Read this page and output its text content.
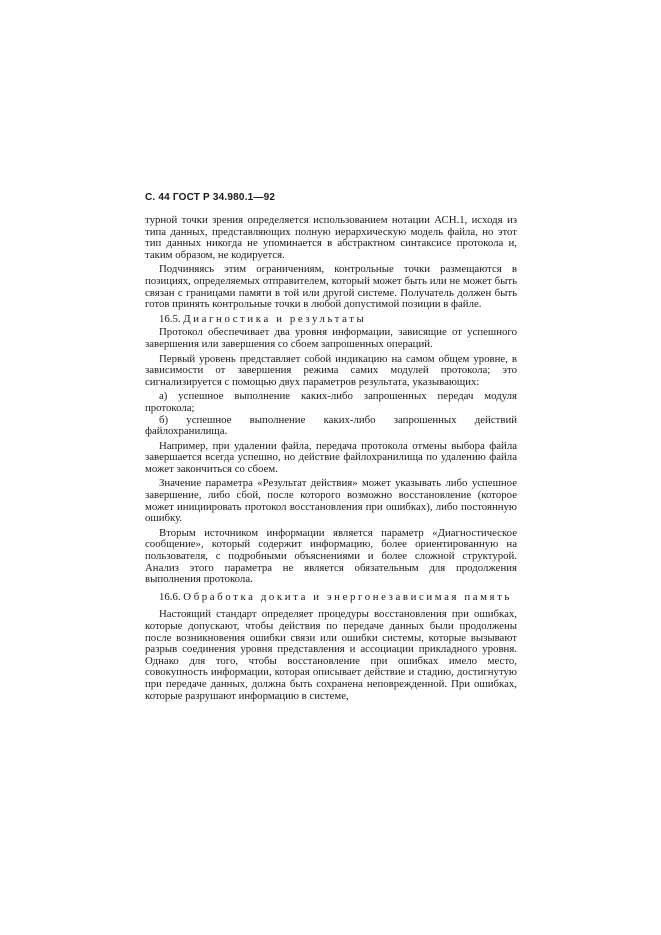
С. 44 ГОСТ Р 34.980.1—92

турной точки зрения определяется использованием нотации АСН.1, исходя из типа данных, представляющих полную иерархическую модель файла, но этот тип данных никогда не упоминается в абстрактном синтаксисе протокола и, таким образом, не кодируется.

Подчиняясь этим ограничениям, контрольные точки размещаются в позициях, определяемых отправителем, который может быть или не может быть связан с границами памяти в той или другой системе. Получатель должен быть готов принять контрольные точки в любой допустимой позиции в файле.

16.5. Диагностика и результаты

Протокол обеспечивает два уровня информации, зависящие от успешного завершения или завершения со сбоем запрошенных операций.

Первый уровень представляет собой индикацию на самом общем уровне, в зависимости от завершения режима самих модулей протокола; это сигнализируется с помощью двух параметров результата, указывающих:

а) успешное выполнение каких-либо запрошенных передач модуля протокола;

б) успешное выполнение каких-либо запрошенных действий файлохранилища.

Например, при удалении файла, передача протокола отмены выбора файла завершается всегда успешно, но действие файлохранилища по удалению файла может закончиться со сбоем.

Значение параметра «Результат действия» может указывать либо успешное завершение, либо сбой, после которого возможно восстановление (которое может инициировать протокол восстановления при ошибках), либо постоянную ошибку.

Вторым источником информации является параметр «Диагностическое сообщение», который содержит информацию, более ориентированную на пользователя, с подробными объяснениями и более сложной структурой. Анализ этого параметра не является обязательным для продолжения выполнения протокола.

16.6. Обработка докита и энергонезависимая память

Настоящий стандарт определяет процедуры восстановления при ошибках, которые допускают, чтобы действия по передаче данных были продолжены после возникновения ошибки связи или ошибки системы, которые вызывают разрыв соединения уровня представления и ассоциации прикладного уровня. Однако для того, чтобы восстановление при ошибках имело место, совокупность информации, которая описывает действие и стадию, достигнутую при передаче данных, должна быть сохранена неповрежденной. При ошибках, которые разрушают информацию в системе,
